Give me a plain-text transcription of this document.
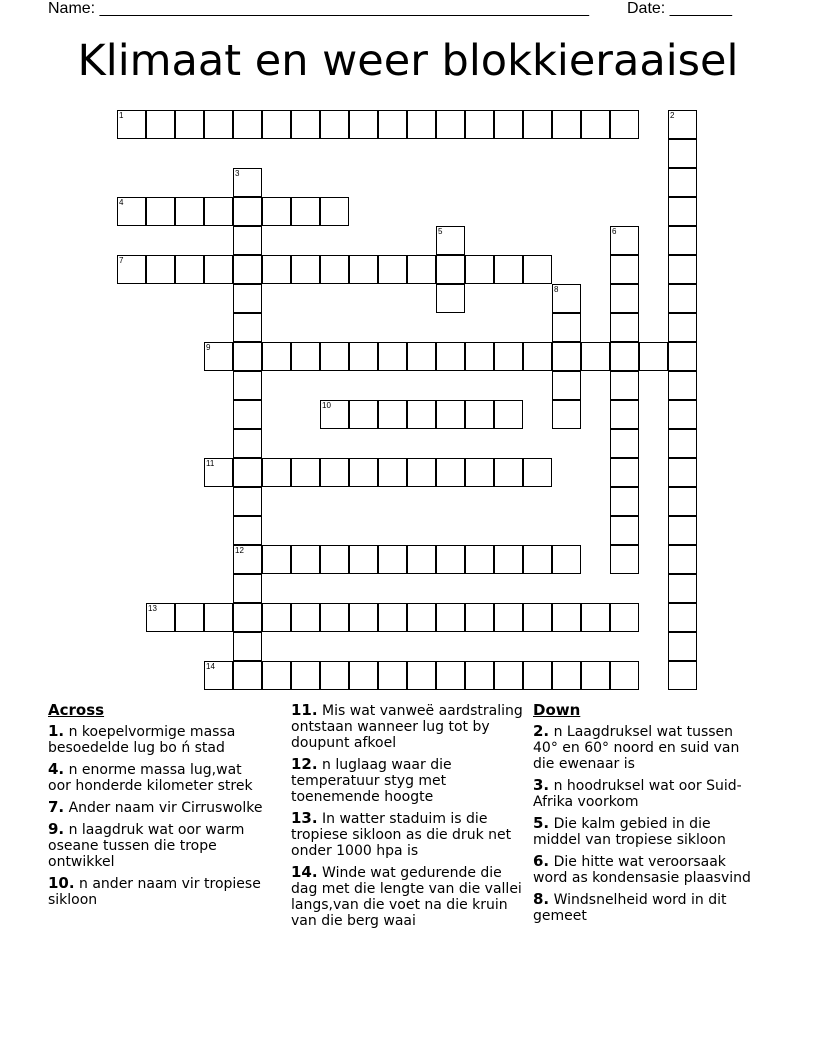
Name: _______________________________________________________ Date: _______
Klimaat en weer blokkieraaisel
1	2
3
12
4
5	6
7
8
9
10
11
13
14
Across
1. n koepelvormige massa besoedelde lug bo ń stad
4. n enorme massa lug,wat oor honderde kilometer strek
7. Ander naam vir Cirruswolke
9. n laagdruk wat oor warm oseane tussen die trope ontwikkel
10. n ander naam vir tropiese sikloon
11. Mis wat vanweë aardstraling ontstaan wanneer lug tot by doupunt afkoel
12. n luglaag waar die temperatuur styg met toenemende hoogte
13. In watter staduim is die tropiese sikloon as die druk net onder 1000 hpa is
14. Winde wat gedurende die dag met die lengte van die vallei langs,van die voet na die kruin van die berg waai
Down
2. n Laagdruksel wat tussen 40° en 60° noord en suid van die ewenaar is
3. n hoodruksel wat oor Suid-Afrika voorkom
5. Die kalm gebied in die middel van tropiese sikloon
6. Die hitte wat veroorsaak word as kondensasie plaasvind
8. Windsnelheid word in dit gemeet
